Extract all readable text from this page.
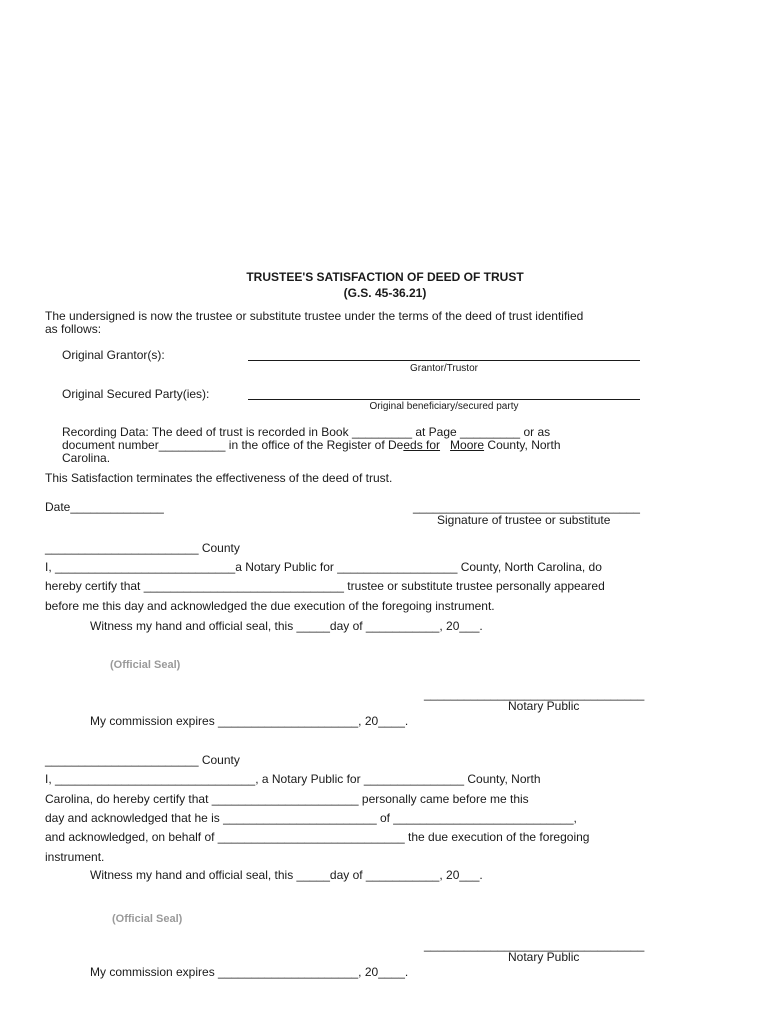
TRUSTEE'S SATISFACTION OF DEED OF TRUST
(G.S. 45-36.21)
The undersigned is now the trustee or substitute trustee under the terms of the deed of trust identified
as follows:
Original Grantor(s):
Grantor/Trustor
Original Secured Party(ies):
Original beneficiary/secured party
Recording Data: The deed of trust is recorded in Book _________ at Page _________ or as
document number__________ in the office of the Register of Deeds for Moore County, North
Carolina.
This Satisfaction terminates the effectiveness of the deed of trust.
Date______________	__________________________________
Signature of trustee or substitute
_______________________ County
I, ___________________________a Notary Public for __________________ County, North Carolina, do
hereby certify that ______________________________ trustee or substitute trustee personally appeared
before me this day and acknowledged the due execution of the foregoing instrument.
Witness my hand and official seal, this _____day of ___________, 20___.
(Official Seal)
_________________________________
Notary Public
My commission expires _____________________, 20____.
_______________________ County
I, ______________________________, a Notary Public for _______________ County, North
Carolina, do hereby certify that ______________________ personally came before me this
day and acknowledged that he is _______________________ of ___________________________,
and acknowledged, on behalf of ____________________________ the due execution of the foregoing
instrument.
Witness my hand and official seal, this _____day of ___________, 20___.
(Official Seal)
_________________________________
Notary Public
My commission expires _____________________, 20____.
